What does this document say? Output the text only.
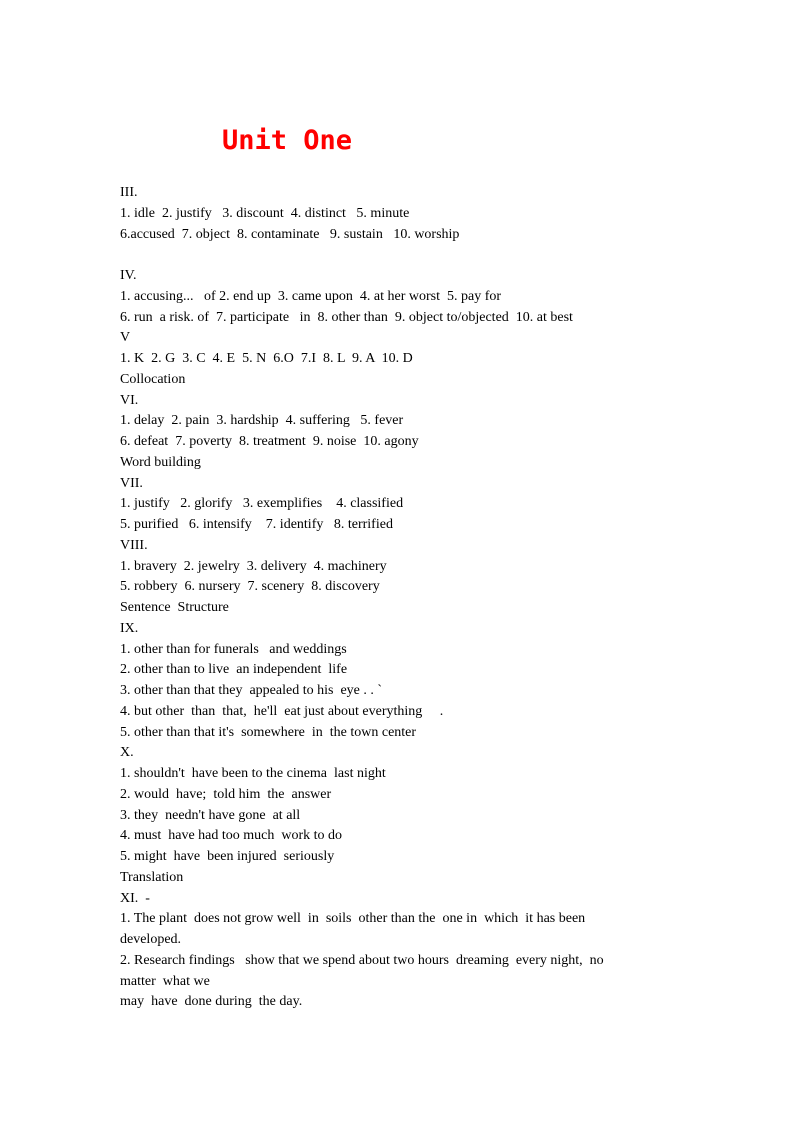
Unit One
III.
1. idle  2. justify   3. discount  4. distinct   5. minute
6.accused  7. object  8. contaminate   9. sustain   10. worship
IV.
1. accusing...   of 2. end up  3. came upon  4. at her worst  5. pay for
6. run  a risk. of  7. participate   in  8. other than  9. object to/objected  10. at best
V
1. K  2. G  3. C  4. E  5. N  6.O  7.I  8. L  9. A  10. D
Collocation
VI.
1. delay  2. pain  3. hardship  4. suffering   5. fever
6. defeat  7. poverty  8. treatment  9. noise  10. agony
Word building
VII.
1. justify   2. glorify   3. exemplifies    4. classified
5. purified   6. intensify    7. identify   8. terrified
VIII.
1. bravery  2. jewelry  3. delivery  4. machinery
5. robbery  6. nursery  7. scenery  8. discovery
Sentence  Structure
IX.
1. other than for funerals   and weddings
2. other than to live  an independent  life
3. other than that they  appealed to his  eye . . `
4. but other  than  that,  he'll  eat just about everything     .
5. other than that it's  somewhere  in  the town center
X.
1. shouldn't  have been to the cinema  last night
2. would  have;  told him  the  answer
3. they  needn't have gone  at all
4. must  have had too much  work to do
5. might  have  been injured  seriously
Translation
XI.  -
1. The plant  does not grow well  in  soils  other than the  one in  which  it has been
developed.
2. Research findings   show that we spend about two hours  dreaming  every night,  no
matter  what we
may  have  done during  the day.
